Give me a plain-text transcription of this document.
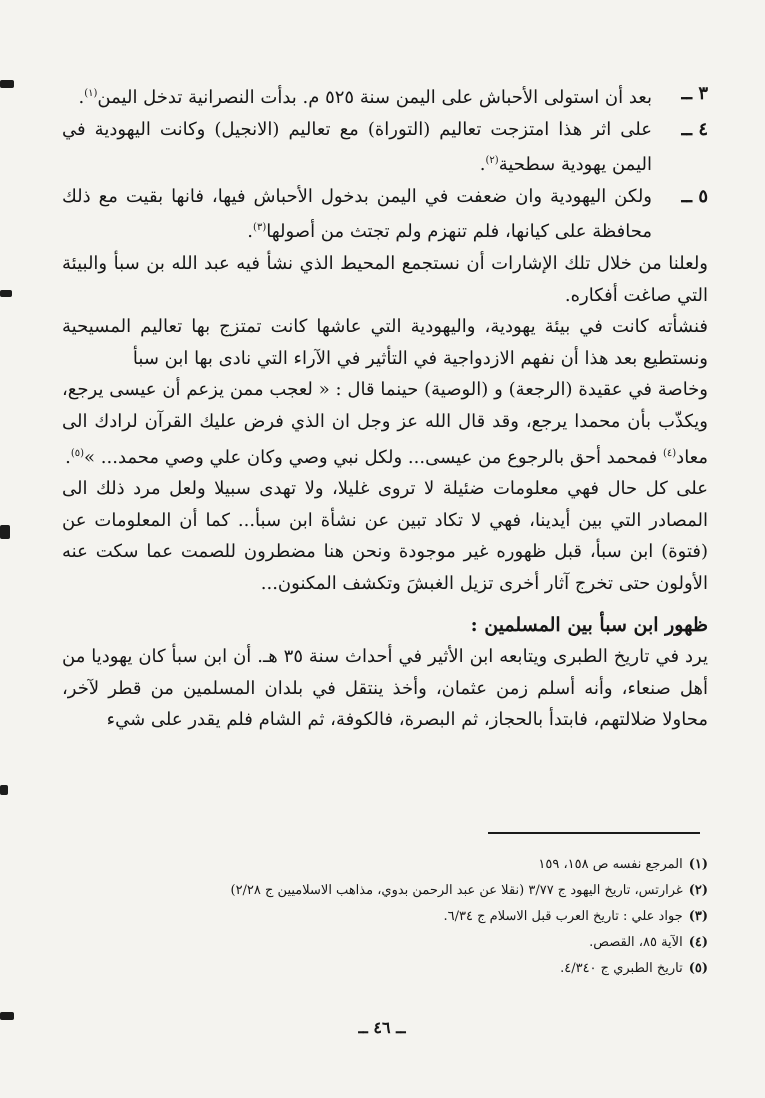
٣ ــ
بعد أن استولى الأحباش على اليمن سنة ٥٢٥ م. بدأت النصرانية تدخل اليمن$^{(١)}$.
٤ ــ
على اثر هذا امتزجت تعاليم (التوراة) مع تعاليم (الانجيل) وكانت اليهودية في اليمن يهودية سطحية$^{(٢)}$.
٥ ــ
ولكن اليهودية وان ضعفت في اليمن بدخول الأحباش فيها، فانها بقيت مع ذلك محافظة على كيانها، فلم تنهزم ولم تجتث من أصولها$^{(٣)}$.

ولعلنا من خلال تلك الإشارات أن نستجمع المحيط الذي نشأ فيه عبد الله بن سبأ والبيئة التي صاغت أفكاره.

فنشأته كانت في بيئة يهودية، واليهودية التي عاشها كانت تمتزج بها تعاليم المسيحية ونستطيع بعد هذا أن نفهم الازدواجية في التأثير في الآراء التي نادى بها ابن سبأ

وخاصة في عقيدة (الرجعة) و (الوصية) حينما قال : « لعجب ممن يزعم أن عيسى يرجع، ويكذّب بأن محمدا يرجع، وقد قال الله عز وجل ان الذي فرض عليك القرآن لرادك الى معاد$^{(٤)}$ فمحمد أحق بالرجوع من عيسى... ولكل نبي وصي وكان علي وصي محمد... »$^{(٥)}$.

على كل حال فهي معلومات ضئيلة لا تروى غليلا، ولا تهدى سبيلا ولعل مرد ذلك الى المصادر التي بين أيدينا، فهي لا تكاد تبين عن نشأة ابن سبأ... كما أن المعلومات عن (فتوة) ابن سبأ، قبل ظهوره غير موجودة ونحن هنا مضطرون للصمت عما سكت عنه الأولون حتى تخرج آثار أخرى تزيل الغبشَ وتكشف المكنون...

ظهور ابن سبأ بين المسلمين :

يرد في تاريخ الطبرى ويتابعه ابن الأثير في أحداث سنة ٣٥ هـ. أن ابن سبأ كان يهوديا من أهل صنعاء، وأنه أسلم زمن عثمان، وأخذ ينتقل في بلدان المسلمين من قطر لآخر، محاولا ضلالتهم، فابتدأ بالحجاز، ثم البصرة، فالكوفة، ثم الشام فلم يقدر على شيء

(١)المرجع نفسه ص ١٥٨، ١٥٩
(٢)غرارتس، تاريخ اليهود ج ٣/٧٧ (نقلا عن عبد الرحمن بدوي، مذاهب الاسلاميين ج ٢/٢٨)
(٣)جواد علي : تاريخ العرب قبل الاسلام ج ٦/٣٤.
(٤)الآية ٨٥، القصص.
(٥)تاريخ الطبري ج ٤/٣٤٠.
ــ ٤٦ ــ
